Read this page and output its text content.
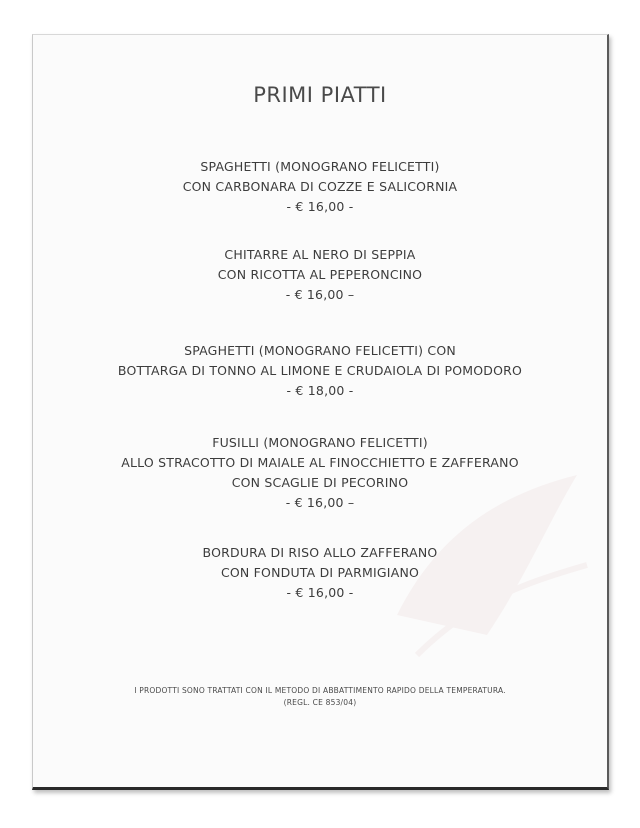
PRIMI PIATTI
SPAGHETTI (MONOGRANO FELICETTI)
CON CARBONARA DI COZZE E SALICORNIA
- € 16,00 -
CHITARRE AL NERO DI SEPPIA
CON RICOTTA AL PEPERONCINO
- € 16,00 –
SPAGHETTI (MONOGRANO FELICETTI) CON
BOTTARGA DI TONNO AL LIMONE E CRUDAIOLA DI POMODORO
- € 18,00 -
FUSILLI (MONOGRANO FELICETTI)
ALLO STRACOTTO DI MAIALE AL FINOCCHIETTO E ZAFFERANO
CON SCAGLIE DI PECORINO
- € 16,00 –
BORDURA DI RISO ALLO ZAFFERANO
CON FONDUTA DI PARMIGIANO
- € 16,00 -
I PRODOTTI SONO TRATTATI CON IL METODO DI ABBATTIMENTO RAPIDO DELLA TEMPERATURA.
(REGL. CE 853/04)
